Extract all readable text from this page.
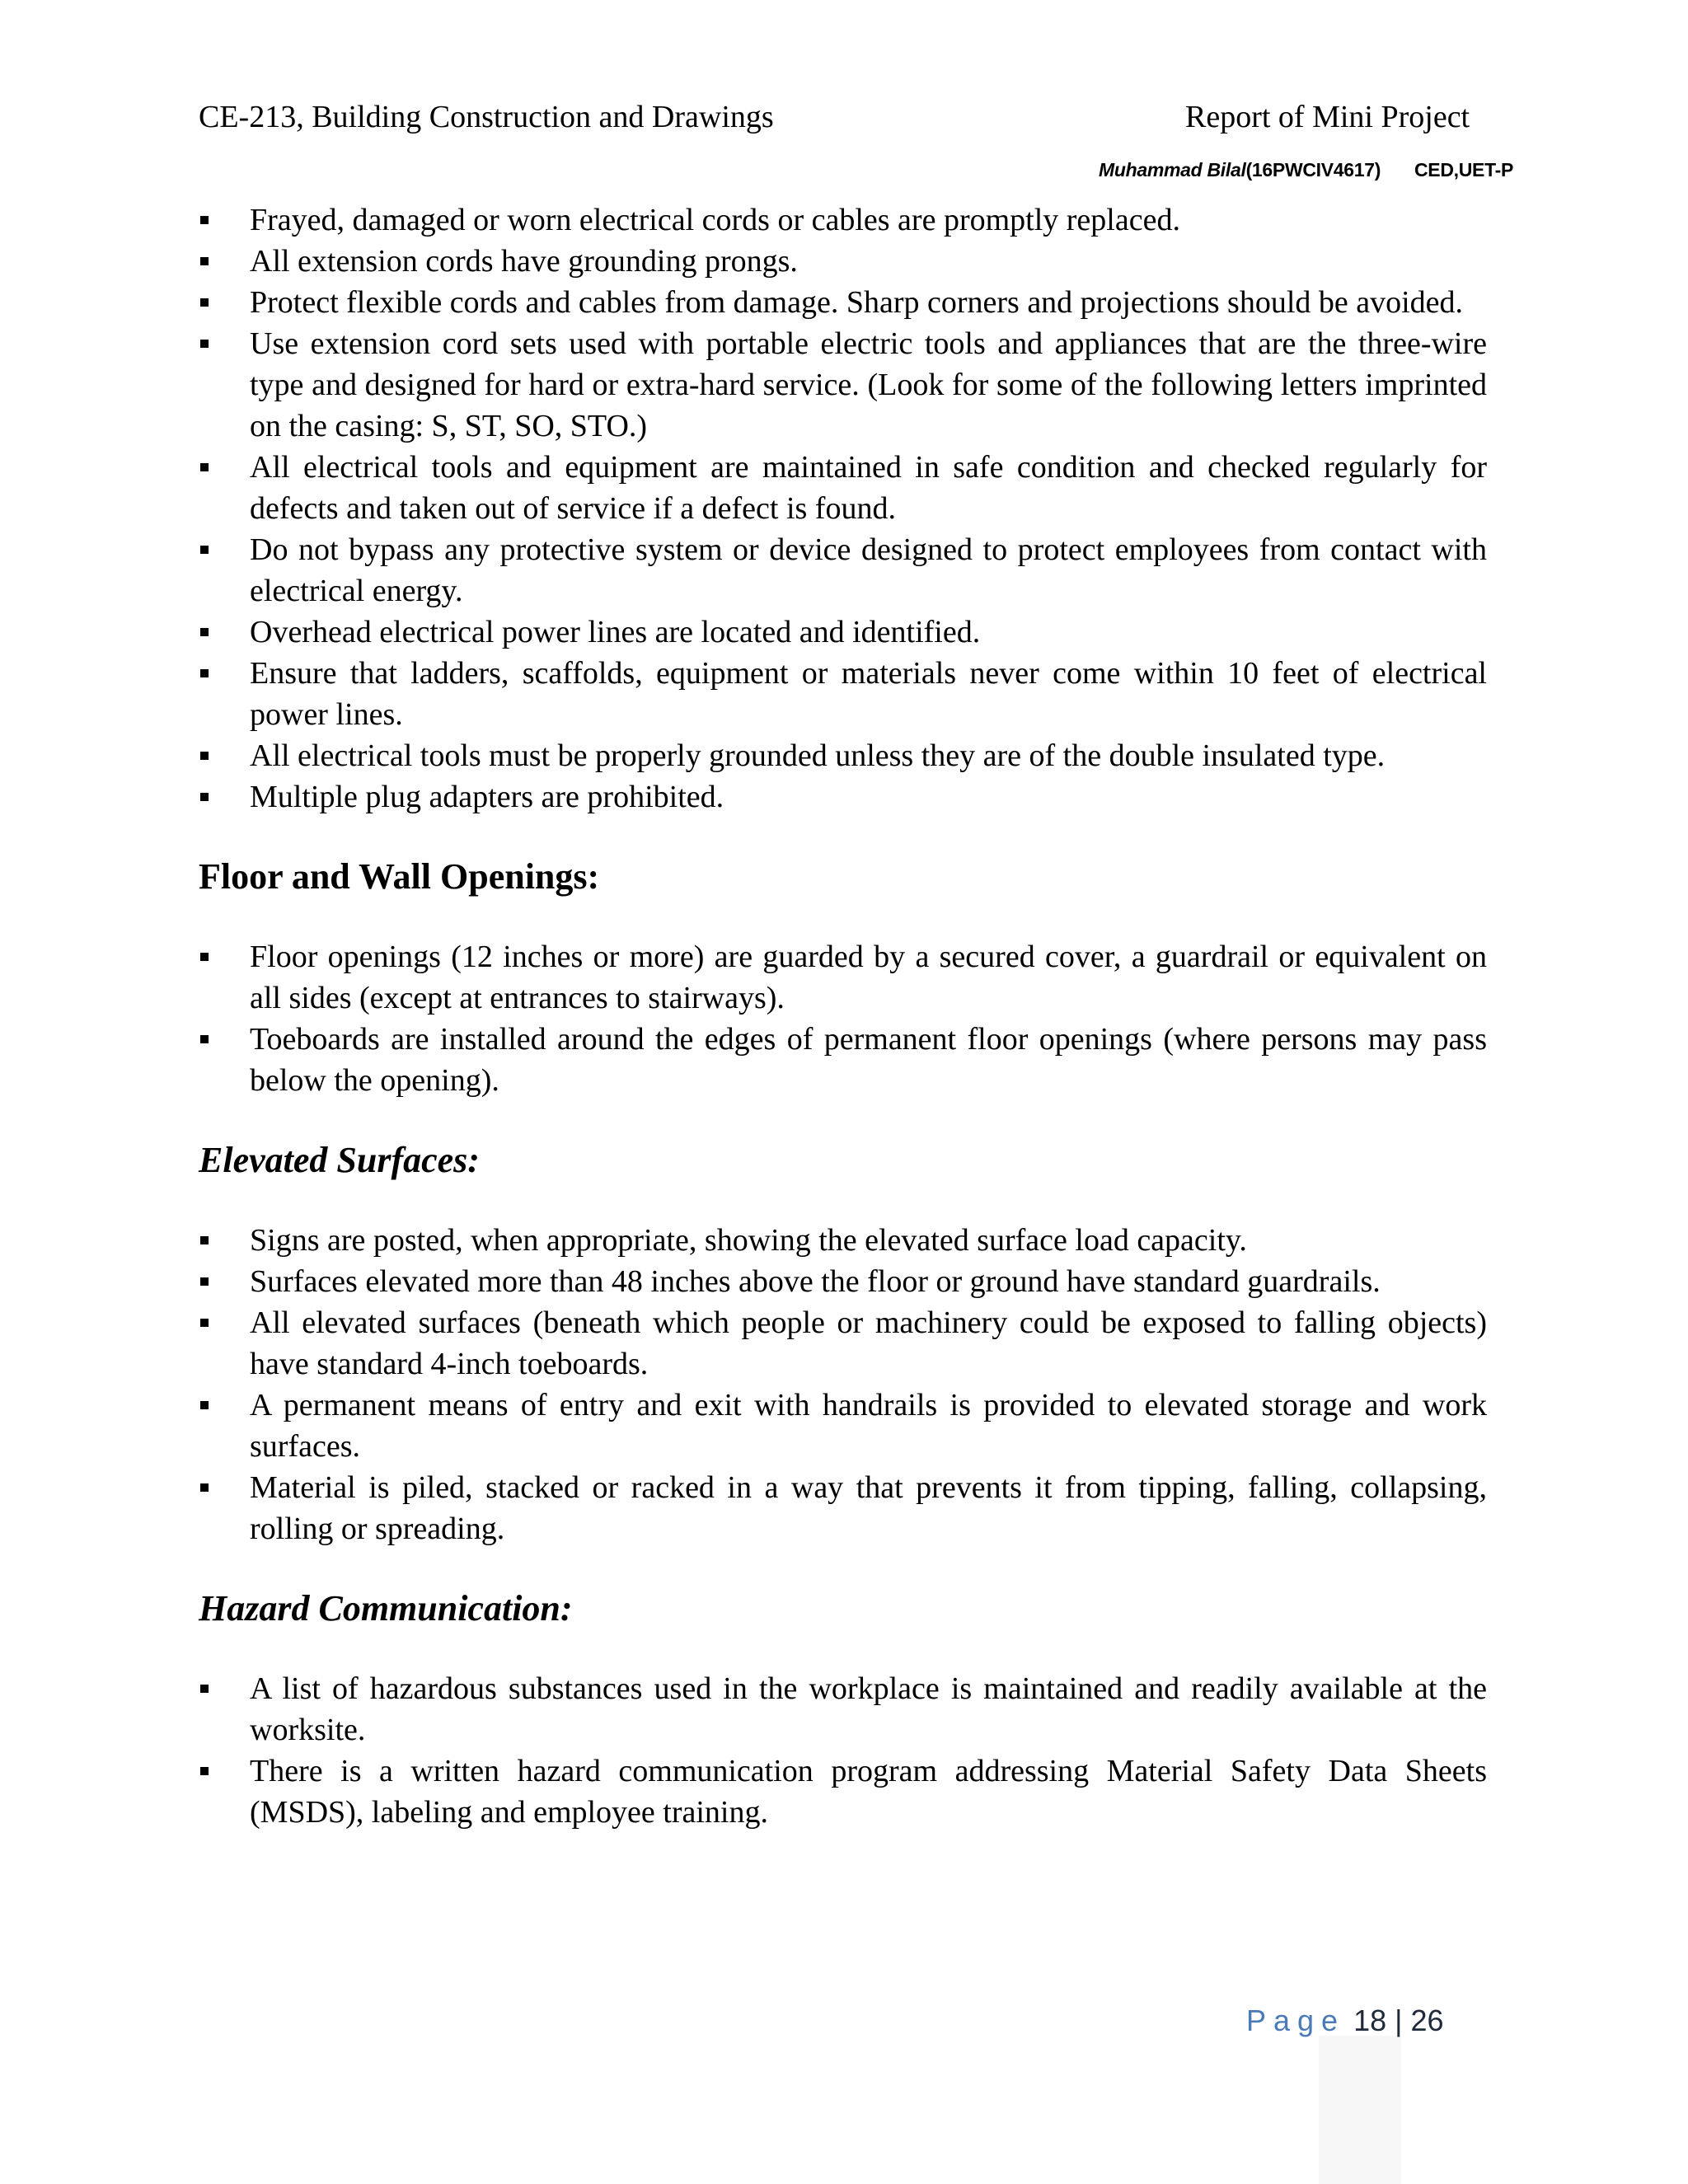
CE-213, Building Construction and Drawings	Report of Mini Project
Muhammad Bilal(16PWCIV4617) CED,UET-P
Frayed, damaged or worn electrical cords or cables are promptly replaced.
All extension cords have grounding prongs.
Protect flexible cords and cables from damage. Sharp corners and projections should be avoided.
Use extension cord sets used with portable electric tools and appliances that are the three-wire type and designed for hard or extra-hard service. (Look for some of the following letters imprinted on the casing: S, ST, SO, STO.)
All electrical tools and equipment are maintained in safe condition and checked regularly for defects and taken out of service if a defect is found.
Do not bypass any protective system or device designed to protect employees from contact with electrical energy.
Overhead electrical power lines are located and identified.
Ensure that ladders, scaffolds, equipment or materials never come within 10 feet of electrical power lines.
All electrical tools must be properly grounded unless they are of the double insulated type.
Multiple plug adapters are prohibited.
Floor and Wall Openings:
Floor openings (12 inches or more) are guarded by a secured cover, a guardrail or equivalent on all sides (except at entrances to stairways).
Toeboards are installed around the edges of permanent floor openings (where persons may pass below the opening).
Elevated Surfaces:
Signs are posted, when appropriate, showing the elevated surface load capacity.
Surfaces elevated more than 48 inches above the floor or ground have standard guardrails.
All elevated surfaces (beneath which people or machinery could be exposed to falling objects) have standard 4-inch toeboards.
A permanent means of entry and exit with handrails is provided to elevated storage and work surfaces.
Material is piled, stacked or racked in a way that prevents it from tipping, falling, collapsing, rolling or spreading.
Hazard Communication:
A list of hazardous substances used in the workplace is maintained and readily available at the worksite.
There is a written hazard communication program addressing Material Safety Data Sheets (MSDS), labeling and employee training.
Page 18 | 26
